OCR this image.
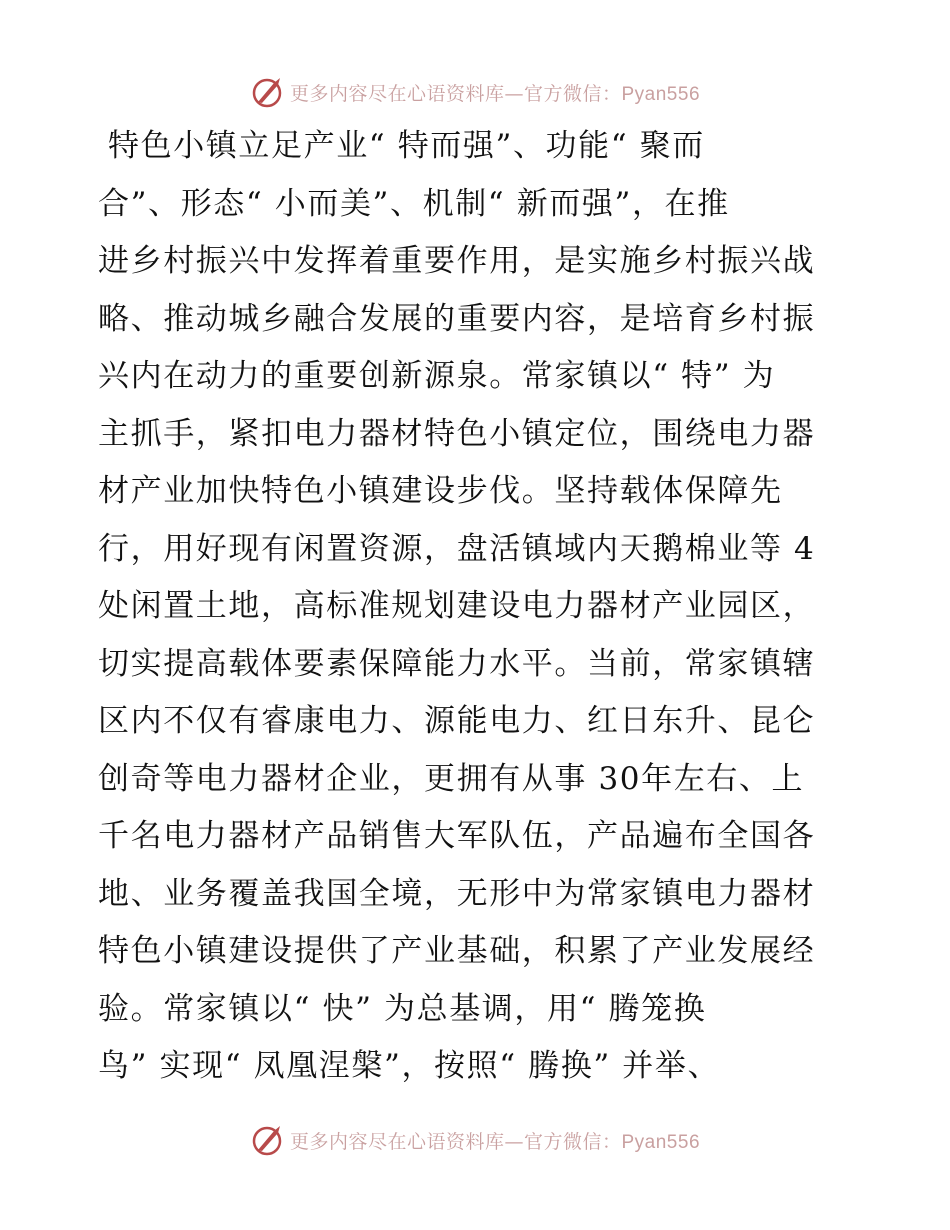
更多内容尽在心语资料库—官方微信：Pyan556
特色小镇立足产业“ 特而强”、功能“ 聚而
合”、形态“ 小而美”、机制“ 新而强”，在推
进乡村振兴中发挥着重要作用，是实施乡村振兴战
略、推动城乡融合发展的重要内容，是培育乡村振
兴内在动力的重要创新源泉。常家镇以“ 特” 为
主抓手，紧扣电力器材特色小镇定位，围绕电力器
材产业加快特色小镇建设步伐。坚持载体保障先
行，用好现有闲置资源，盘活镇域内天鹅棉业等 4
处闲置土地，高标准规划建设电力器材产业园区，
切实提高载体要素保障能力水平。当前，常家镇辖
区内不仅有睿康电力、源能电力、红日东升、昆仑
创奇等电力器材企业，更拥有从事 30年左右、上
千名电力器材产品销售大军队伍，产品遍布全国各
地、业务覆盖我国全境，无形中为常家镇电力器材
特色小镇建设提供了产业基础，积累了产业发展经
验。常家镇以“ 快” 为总基调，用“ 腾笼换
鸟” 实现“ 凤凰涅槃”，按照“ 腾换” 并举、
更多内容尽在心语资料库—官方微信：Pyan556
